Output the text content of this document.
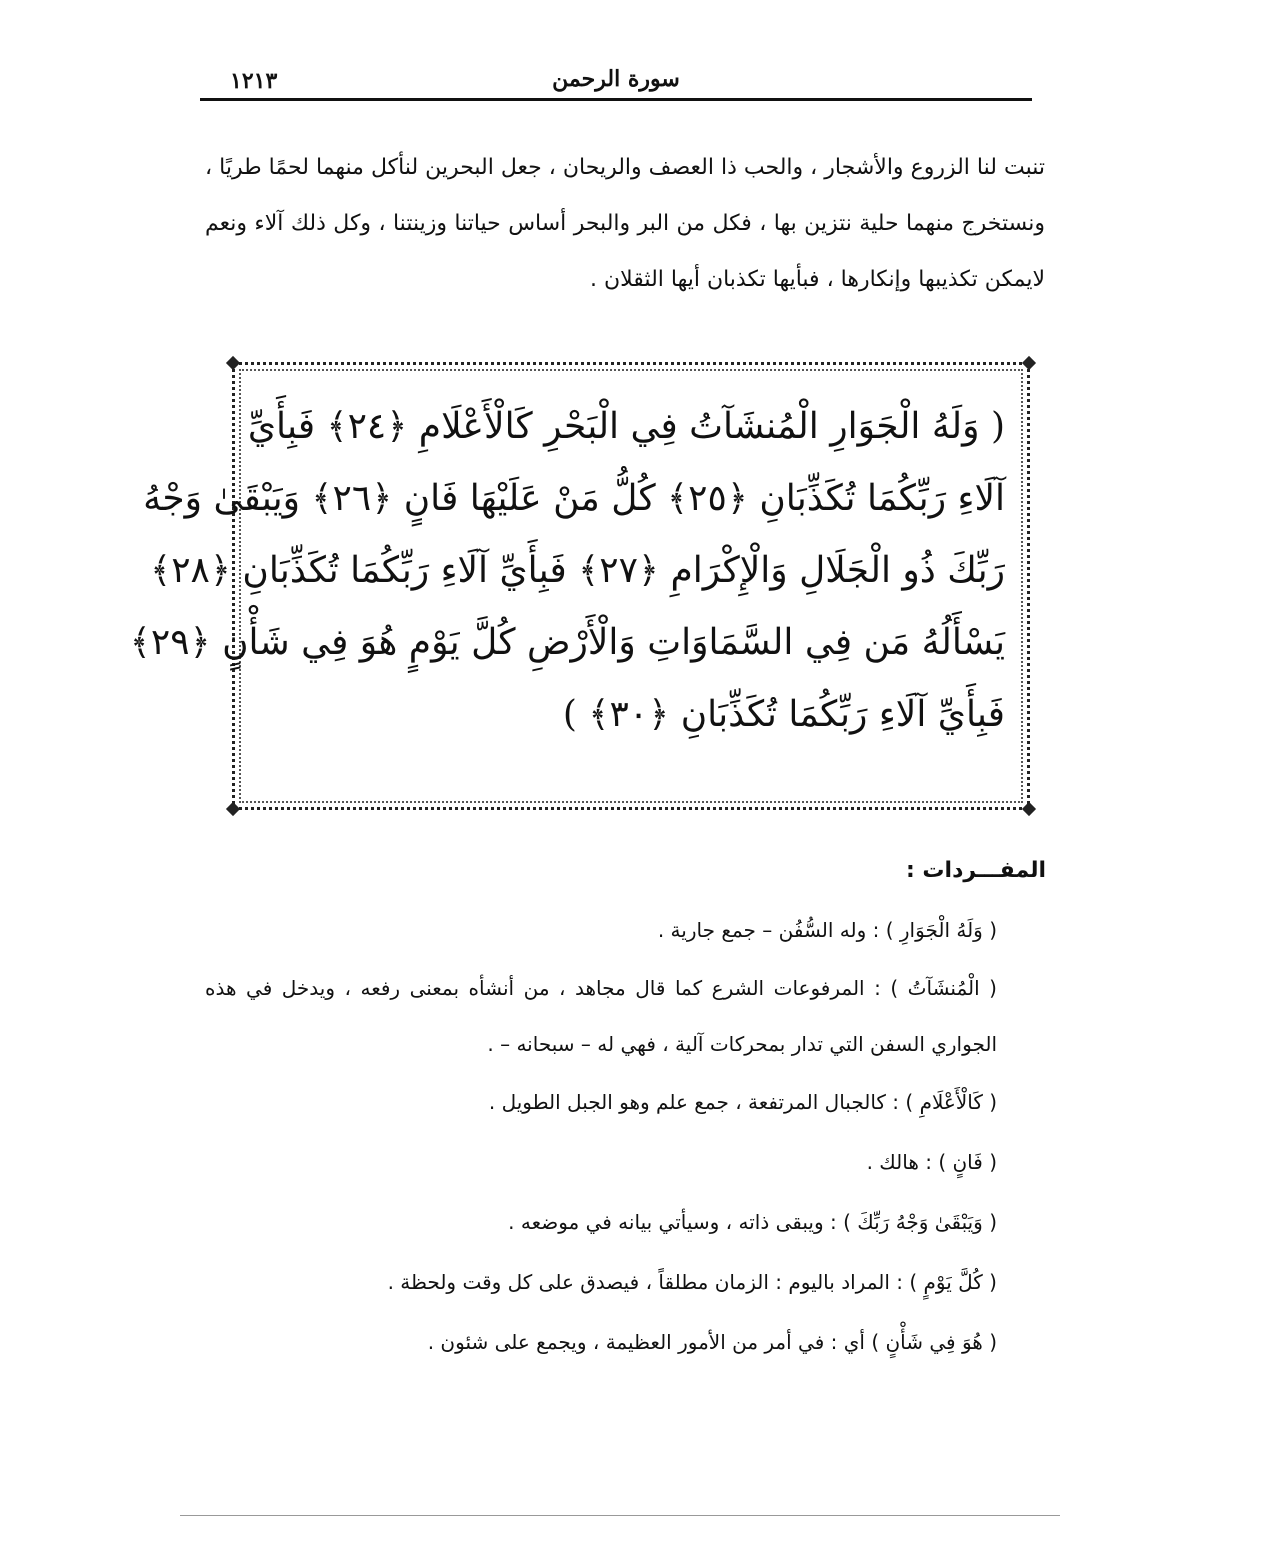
سورة الرحمن
١٢١٣
تنبت لنا الزروع والأشجار ، والحب ذا العصف والريحان ، جعل البحرين لنأكل منهما لحمًا طريًا ، ونستخرج منهما حلية نتزين بها ، فكل من البر والبحر أساس حياتنا وزينتنا ، وكل ذلك آلاء ونعم لايمكن تكذيبها وإنكارها ، فبأيها تكذبان أيها الثقلان .
( وَلَهُ الْجَوَارِ الْمُنشَآتُ فِي الْبَحْرِ كَالْأَعْلَامِ ﴿٢٤﴾ فَبِأَيِّ
آلَاءِ رَبِّكُمَا تُكَذِّبَانِ ﴿٢٥﴾ كُلُّ مَنْ عَلَيْهَا فَانٍ ﴿٢٦﴾ وَيَبْقَىٰ وَجْهُ
رَبِّكَ ذُو الْجَلَالِ وَالْإِكْرَامِ ﴿٢٧﴾ فَبِأَيِّ آلَاءِ رَبِّكُمَا تُكَذِّبَانِ ﴿٢٨﴾
يَسْأَلُهُ مَن فِي السَّمَاوَاتِ وَالْأَرْضِ كُلَّ يَوْمٍ هُوَ فِي شَأْنٍ ﴿٢٩﴾
فَبِأَيِّ آلَاءِ رَبِّكُمَا تُكَذِّبَانِ ﴿٣٠﴾ )
المفـــردات :
( وَلَهُ الْجَوَارِ ) : وله السُّفُن – جمع جارية .
( الْمُنشَآتُ ) : المرفوعات الشرع كما قال مجاهد ، من أنشأه بمعنى رفعه ، ويدخل في هذه الجواري السفن التي تدار بمحركات آلية ، فهي له – سبحانه – .
( كَالْأَعْلَامِ ) : كالجبال المرتفعة ، جمع علم وهو الجبل الطويل .
( فَانٍ ) : هالك .
( وَيَبْقَىٰ وَجْهُ رَبِّكَ ) : ويبقى ذاته ، وسيأتي بيانه في موضعه .
( كُلَّ يَوْمٍ ) : المراد باليوم : الزمان مطلقاً ، فيصدق على كل وقت ولحظة .
( هُوَ فِي شَأْنٍ ) أي : في أمر من الأمور العظيمة ، ويجمع على شئون .
